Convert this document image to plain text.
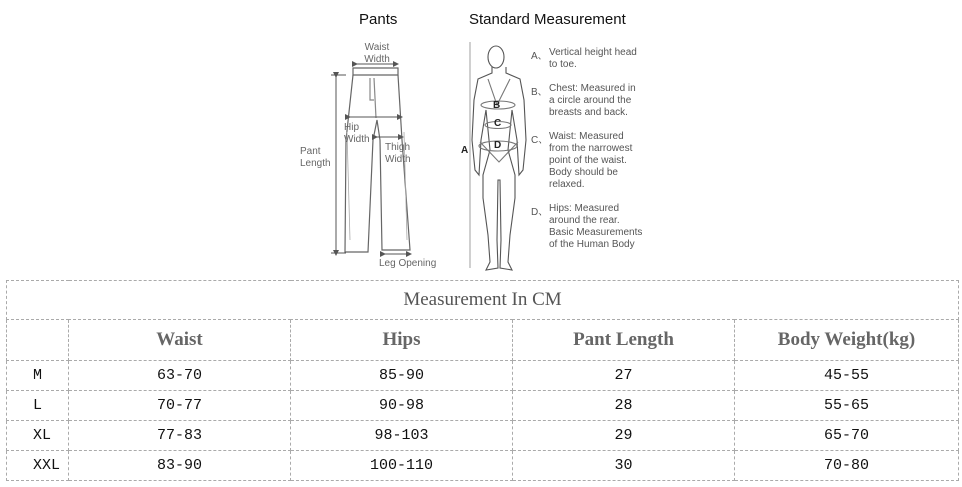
Pants	Standard Measurement
Waist
Width
Hip
Width
Pant
Length
Thigh
Width
Leg Opening
A
B
C
D
A、 Vertical height head
to toe.
B、 Chest: Measured in
a circle around the
breasts and back.
C、 Waist: Measured
from the narrowest
point of the waist.
Body should be
relaxed.
D、 Hips: Measured
around the rear.
Basic Measurements
of the Human Body
Measurement In CM				
	Waist	Hips	Pant Length	Body Weight(kg)
M	63-70	85-90	27	45-55
L	70-77	90-98	28	55-65
XL	77-83	98-103	29	65-70
XXL	83-90	100-110	30	70-80
